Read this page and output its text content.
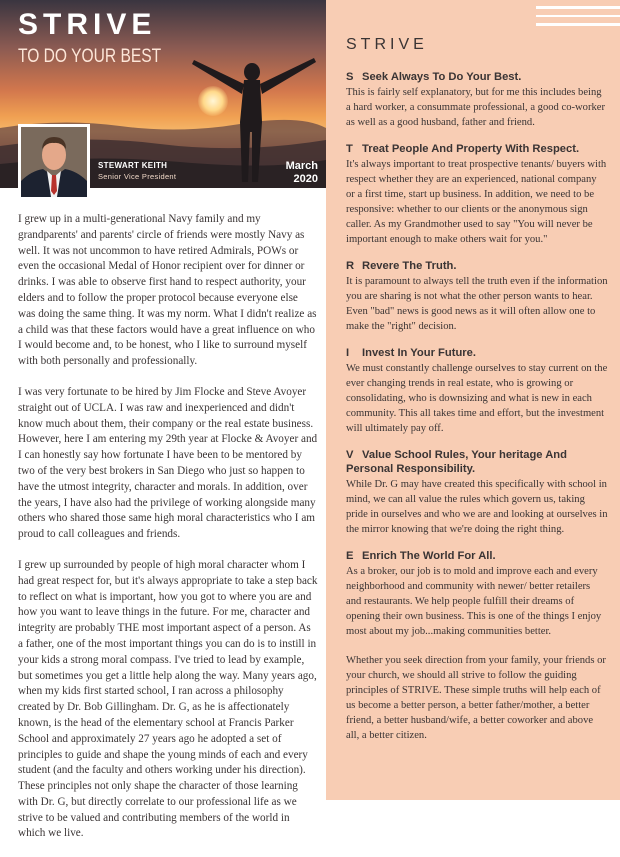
STRIVE
TO DO YOUR BEST
STEWART KEITH
Senior Vice President
March
2020

I grew up in a multi-generational Navy family and my grandparents' and parents' circle of friends were mostly Navy as well. It was not uncommon to have retired Admirals, POWs or even the occasional Medal of Honor recipient over for dinner or drinks. I was able to observe first hand to respect authority, your elders and to follow the proper protocol because everyone else was doing the same thing. It was my norm. What I didn't realize as a child was that these factors would have a great influence on who I would become and, to be honest, who I like to surround myself with both personally and professionally.

I was very fortunate to be hired by Jim Flocke and Steve Avoyer straight out of UCLA. I was raw and inexperienced and didn't know much about them, their company or the real estate business. However, here I am entering my 29th year at Flocke & Avoyer and I can honestly say how fortunate I have been to be mentored by two of the very best brokers in San Diego who just so happen to have the utmost integrity, character and morals. In addition, over the years, I have also had the privilege of working alongside many others who shared those same high moral characteristics who I am proud to call colleagues and friends.

I grew up surrounded by people of high moral character whom I had great respect for, but it's always appropriate to take a step back to reflect on what is important, how you got to where you are and how you want to leave things in the future. For me, character and integrity are probably THE most important aspect of a person. As a father, one of the most important things you can do is to instill in your kids a strong moral compass. I've tried to lead by example, but sometimes you get a little help along the way. Many years ago, when my kids first started school, I ran across a philosophy created by Dr. Bob Gillingham. Dr. G, as he is affectionately known, is the head of the elementary school at Francis Parker School and approximately 27 years ago he adopted a set of principles to guide and shape the young minds of each and every student (and the faculty and others working under his direction). These principles not only shape the character of those learning with Dr. G, but directly correlate to our professional life as we strive to be valued and contributing members of the world in which we live.

STRIVE
S Seek Always To Do Your Best.

This is fairly self explanatory, but for me this includes being a hard worker, a consummate professional, a good co-worker as well as a good husband, father and friend.

T Treat People And Property With Respect.

It's always important to treat prospective tenants/ buyers with respect whether they are an experienced, national company or a first time, start up business. In addition, we need to be responsive: whether to our clients or the anonymous sign caller. As my Grandmother used to say "You will never be important enough to make others wait for you."

R Revere The Truth.

It is paramount to always tell the truth even if the information you are sharing is not what the other person wants to hear. Even "bad" news is good news as it will often allow one to make the "right" decision.

I Invest In Your Future.

We must constantly challenge ourselves to stay current on the ever changing trends in real estate, who is growing or consolidating, who is downsizing and what is new in each community. This all takes time and effort, but the investment will ultimately pay off.

V Value School Rules, Your heritage And Personal Responsibility.

While Dr. G may have created this specifically with school in mind, we can all value the rules which govern us, taking pride in ourselves and who we are and looking at ourselves in the mirror knowing that we're doing the right thing.

E Enrich The World For All.

As a broker, our job is to mold and improve each and every neighborhood and community with newer/ better retailers and restaurants. We help people fulfill their dreams of opening their own business. This is one of the things I enjoy most about my job...making communities better.

Whether you seek direction from your family, your friends or your church, we should all strive to follow the guiding principles of STRIVE. These simple truths will help each of us become a better person, a better father/mother, a better friend, a better husband/wife, a better coworker and above all, a better citizen.
